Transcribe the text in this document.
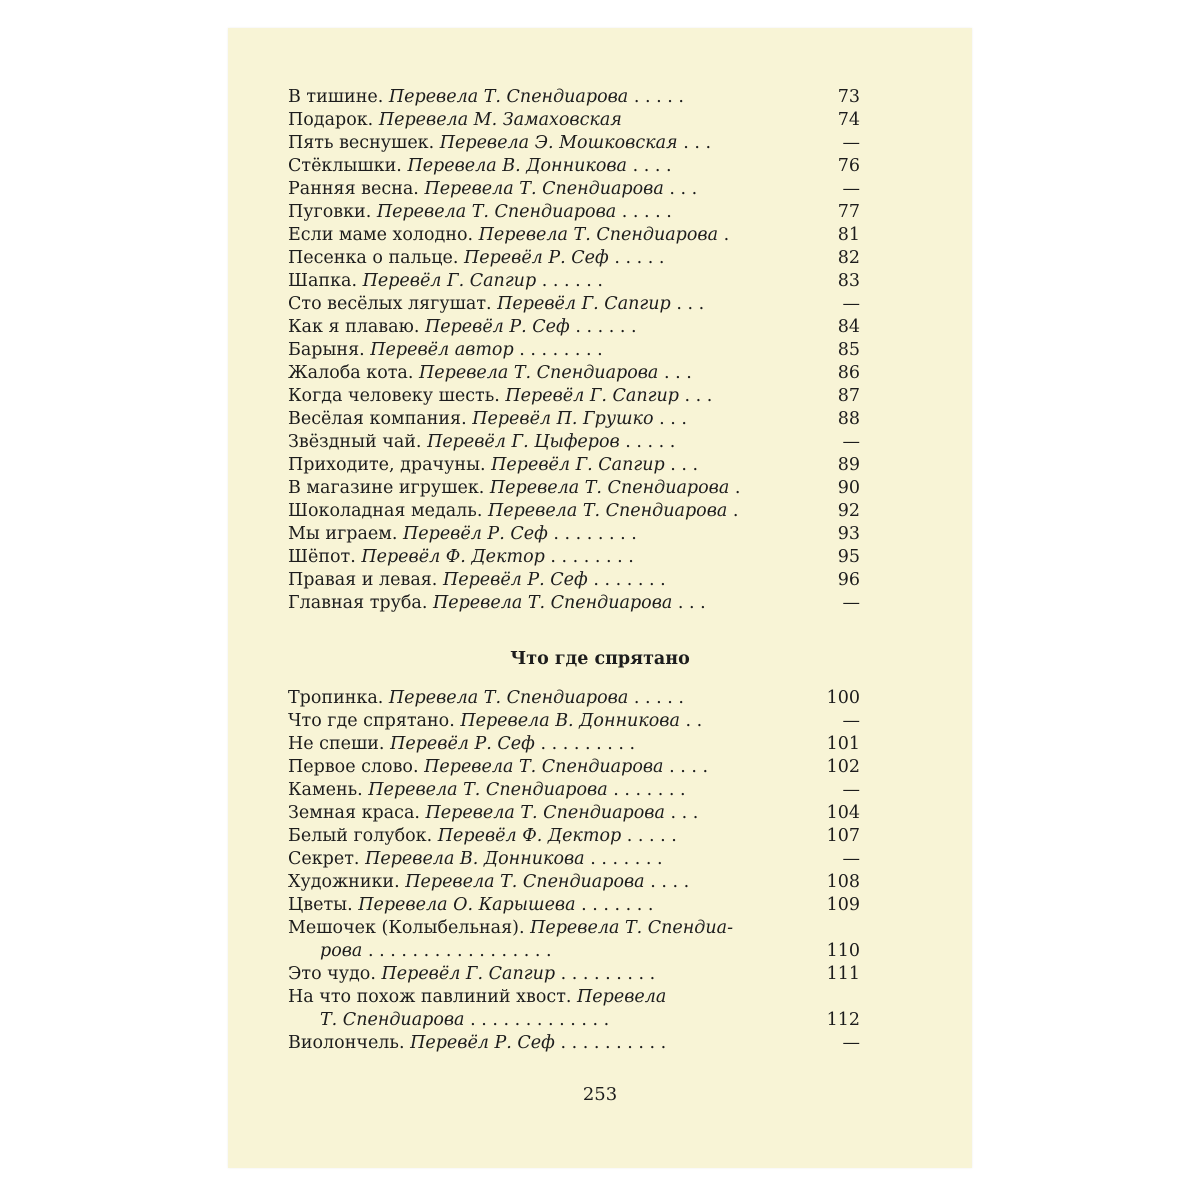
В тишине. Перевела Т. Спендиарова . . . . .	73
Подарок. Перевела М. Замаховская	74
Пять веснушек. Перевела Э. Мошковская . . .	—
Стёклышки. Перевела В. Донникова . . . .	76
Ранняя весна. Перевела Т. Спендиарова . . .	—
Пуговки. Перевела Т. Спендиарова . . . . .	77
Если маме холодно. Перевела Т. Спендиарова .	81
Песенка о пальце. Перевёл Р. Сеф . . . . .	82
Шапка. Перевёл Г. Сапгир . . . . . .	83
Сто весёлых лягушат. Перевёл Г. Сапгир . . .	—
Как я плаваю. Перевёл Р. Сеф . . . . . .	84
Барыня. Перевёл автор . . . . . . . .	85
Жалоба кота. Перевела Т. Спендиарова . . .	86
Когда человеку шесть. Перевёл Г. Сапгир . . .	87
Весёлая компания. Перевёл П. Грушко . . .	88
Звёздный чай. Перевёл Г. Цыферов . . . . .	—
Приходите, драчуны. Перевёл Г. Сапгир . . .	89
В магазине игрушек. Перевела Т. Спендиарова .	90
Шоколадная медаль. Перевела Т. Спендиарова .	92
Мы играем. Перевёл Р. Сеф . . . . . . . .	93
Шёпот. Перевёл Ф. Дектор . . . . . . . .	95
Правая и левая. Перевёл Р. Сеф . . . . . . .	96
Главная труба. Перевела Т. Спендиарова . . .	—
Что где спрятано
Тропинка. Перевела Т. Спендиарова . . . . .	100
Что где спрятано. Перевела В. Донникова . .	—
Не спеши. Перевёл Р. Сеф . . . . . . . . .	101
Первое слово. Перевела Т. Спендиарова . . . .	102
Камень. Перевела Т. Спендиарова . . . . . . .	—
Земная краса. Перевела Т. Спендиарова . . .	104
Белый голубок. Перевёл Ф. Дектор . . . . .	107
Секрет. Перевела В. Донникова . . . . . . .	—
Художники. Перевела Т. Спендиарова . . . .	108
Цветы. Перевела О. Карышева . . . . . . .	109
Мешочек (Колыбельная). Перевела Т. Спендиа-
рова . . . . . . . . . . . . . . . . .	110
Это чудо. Перевёл Г. Сапгир . . . . . . . . .	111
На что похож павлиний хвост. Перевела
Т. Спендиарова . . . . . . . . . . . . .	112
Виолончель. Перевёл Р. Сеф . . . . . . . . . .	—
253
